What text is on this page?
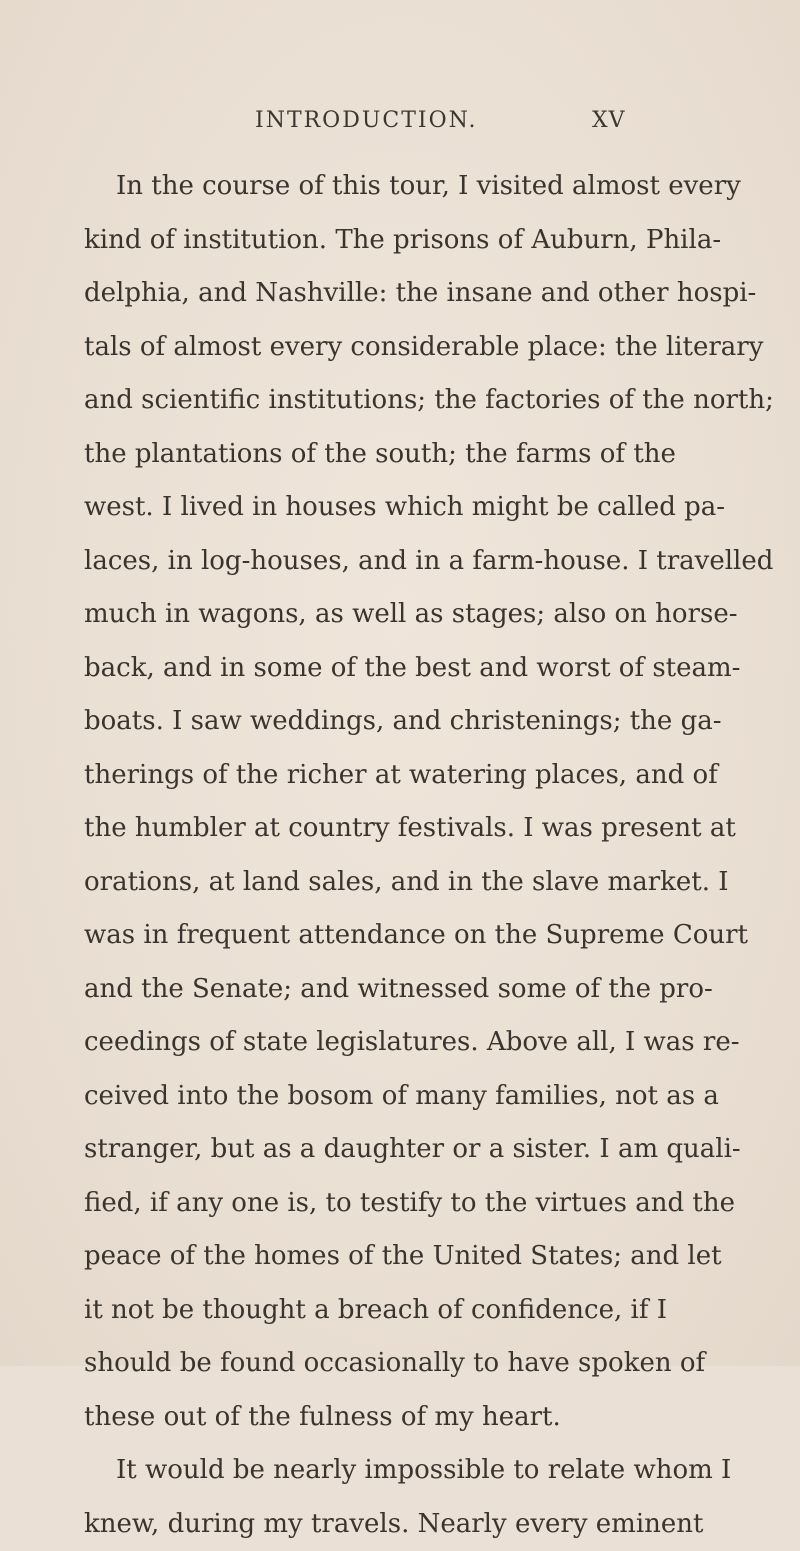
INTRODUCTION.	XV
In the course of this tour, I visited almost every
kind of institution. The prisons of Auburn, Phila-
delphia, and Nashville: the insane and other hospi-
tals of almost every considerable place: the literary
and scientific institutions; the factories of the north;
the plantations of the south; the farms of the
west. I lived in houses which might be called pa-
laces, in log-houses, and in a farm-house. I travelled
much in wagons, as well as stages; also on horse-
back, and in some of the best and worst of steam-
boats. I saw weddings, and christenings; the ga-
therings of the richer at watering places, and of
the humbler at country festivals. I was present at
orations, at land sales, and in the slave market. I
was in frequent attendance on the Supreme Court
and the Senate; and witnessed some of the pro-
ceedings of state legislatures. Above all, I was re-
ceived into the bosom of many families, not as a
stranger, but as a daughter or a sister. I am quali-
fied, if any one is, to testify to the virtues and the
peace of the homes of the United States; and let
it not be thought a breach of confidence, if I
should be found occasionally to have spoken of
these out of the fulness of my heart.
It would be nearly impossible to relate whom I
knew, during my travels. Nearly every eminent
